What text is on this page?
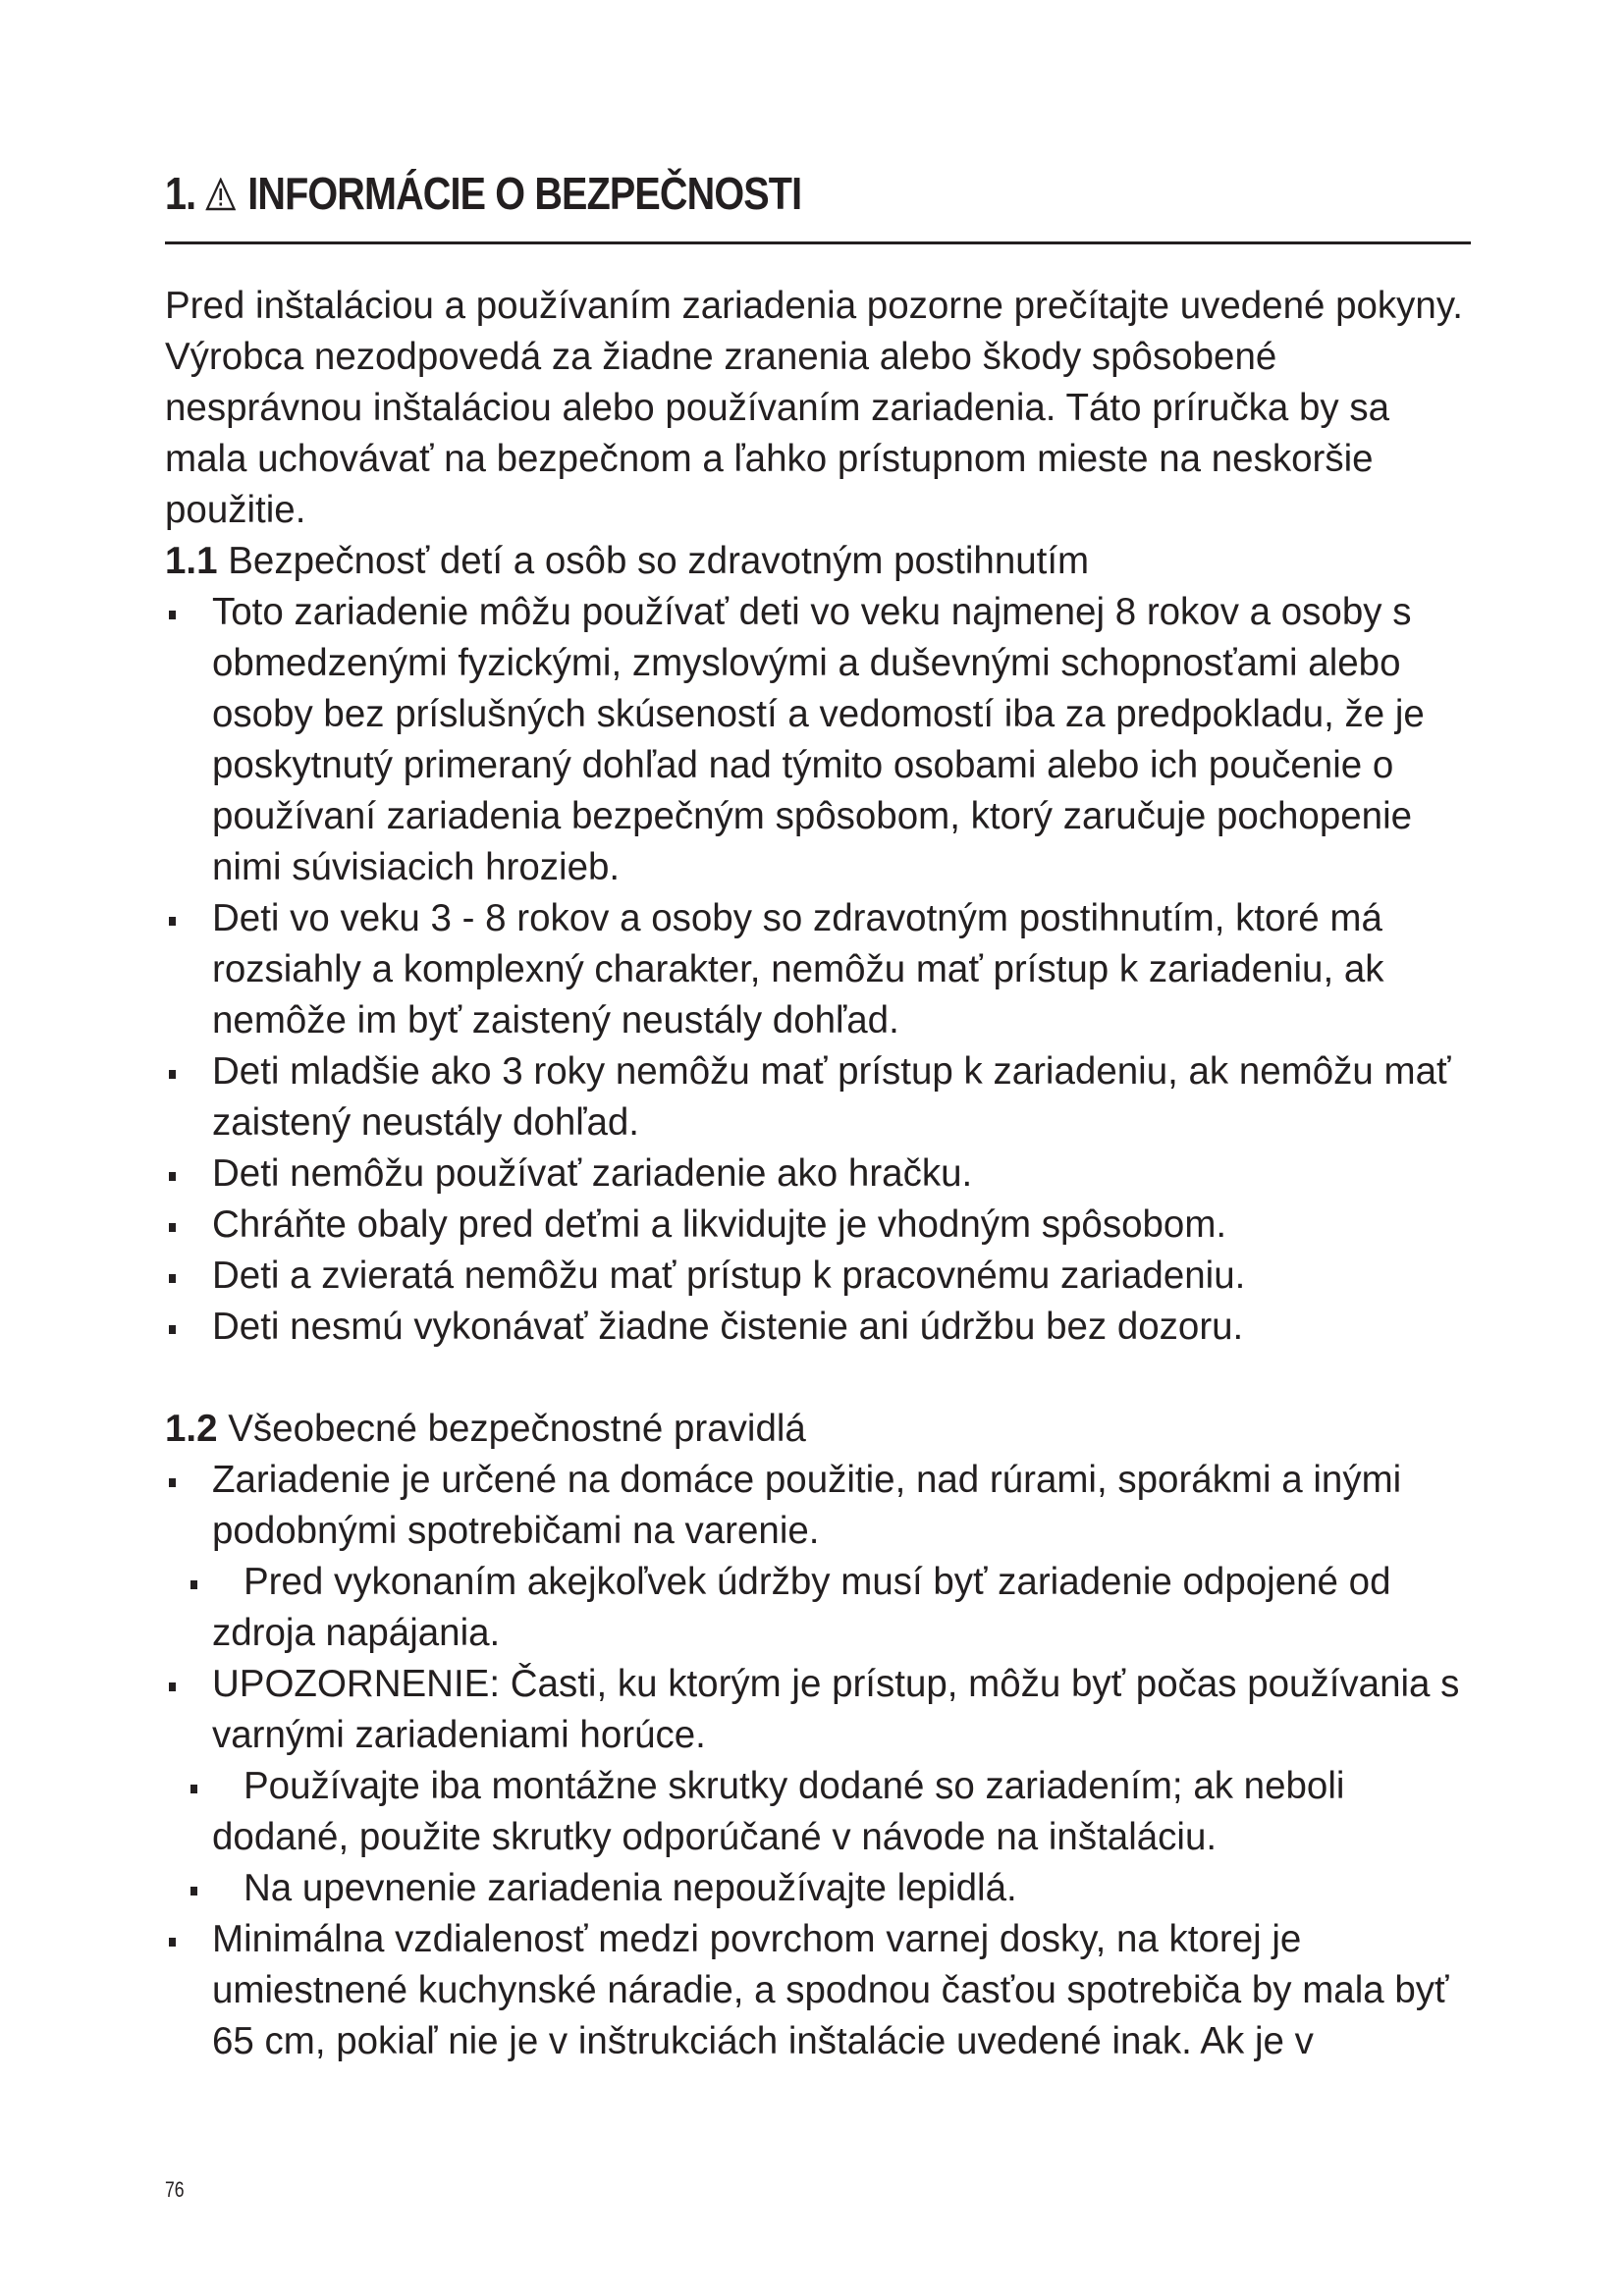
1. INFORMÁCIE O BEZPEČNOSTI

Pred inštaláciou a používaním zariadenia pozorne prečítajte uvedené pokyny. Výrobca nezodpovedá za žiadne zranenia alebo škody spôsobené nesprávnou inštaláciou alebo používaním zariadenia. Táto príručka by sa mala uchovávať na bezpečnom a ľahko prístupnom mieste na neskoršie použitie.

1.1 Bezpečnosť detí a osôb so zdravotným postihnutím

Toto zariadenie môžu používať deti vo veku najmenej 8 rokov a osoby s obmedzenými fyzickými, zmyslovými a duševnými schopnosťami alebo osoby bez príslušných skúseností a vedomostí iba za predpokladu, že je poskytnutý primeraný dohľad nad týmito osobami alebo ich poučenie o používaní zariadenia bezpečným spôsobom, ktorý zaručuje pochopenie nimi súvisiacich hrozieb.
Deti vo veku 3 - 8 rokov a osoby so zdravotným postihnutím, ktoré má rozsiahly a komplexný charakter, nemôžu mať prístup k zariadeniu, ak nemôže im byť zaistený neustály dohľad.
Deti mladšie ako 3 roky nemôžu mať prístup k zariadeniu, ak nemôžu mať zaistený neustály dohľad.
Deti nemôžu používať zariadenie ako hračku.
Chráňte obaly pred deťmi a likvidujte je vhodným spôsobom.
Deti a zvieratá nemôžu mať prístup k pracovnému zariadeniu.
Deti nesmú vykonávať žiadne čistenie ani údržbu bez dozoru.

1.2 Všeobecné bezpečnostné pravidlá

Zariadenie je určené na domáce použitie, nad rúrami, sporákmi a inými podobnými spotrebičami na varenie.
Pred vykonaním akejkoľvek údržby musí byť zariadenie odpojené od zdroja napájania.
UPOZORNENIE: Časti, ku ktorým je prístup, môžu byť počas používania s varnými zariadeniami horúce.
Používajte iba montážne skrutky dodané so zariadením; ak neboli dodané, použite skrutky odporúčané v návode na inštaláciu.
Na upevnenie zariadenia nepoužívajte lepidlá.
Minimálna vzdialenosť medzi povrchom varnej dosky, na ktorej je umiestnené kuchynské náradie, a spodnou časťou spotrebiča by mala byť 65 cm, pokiaľ nie je v inštrukciách inštalácie uvedené inak. Ak je v
76
